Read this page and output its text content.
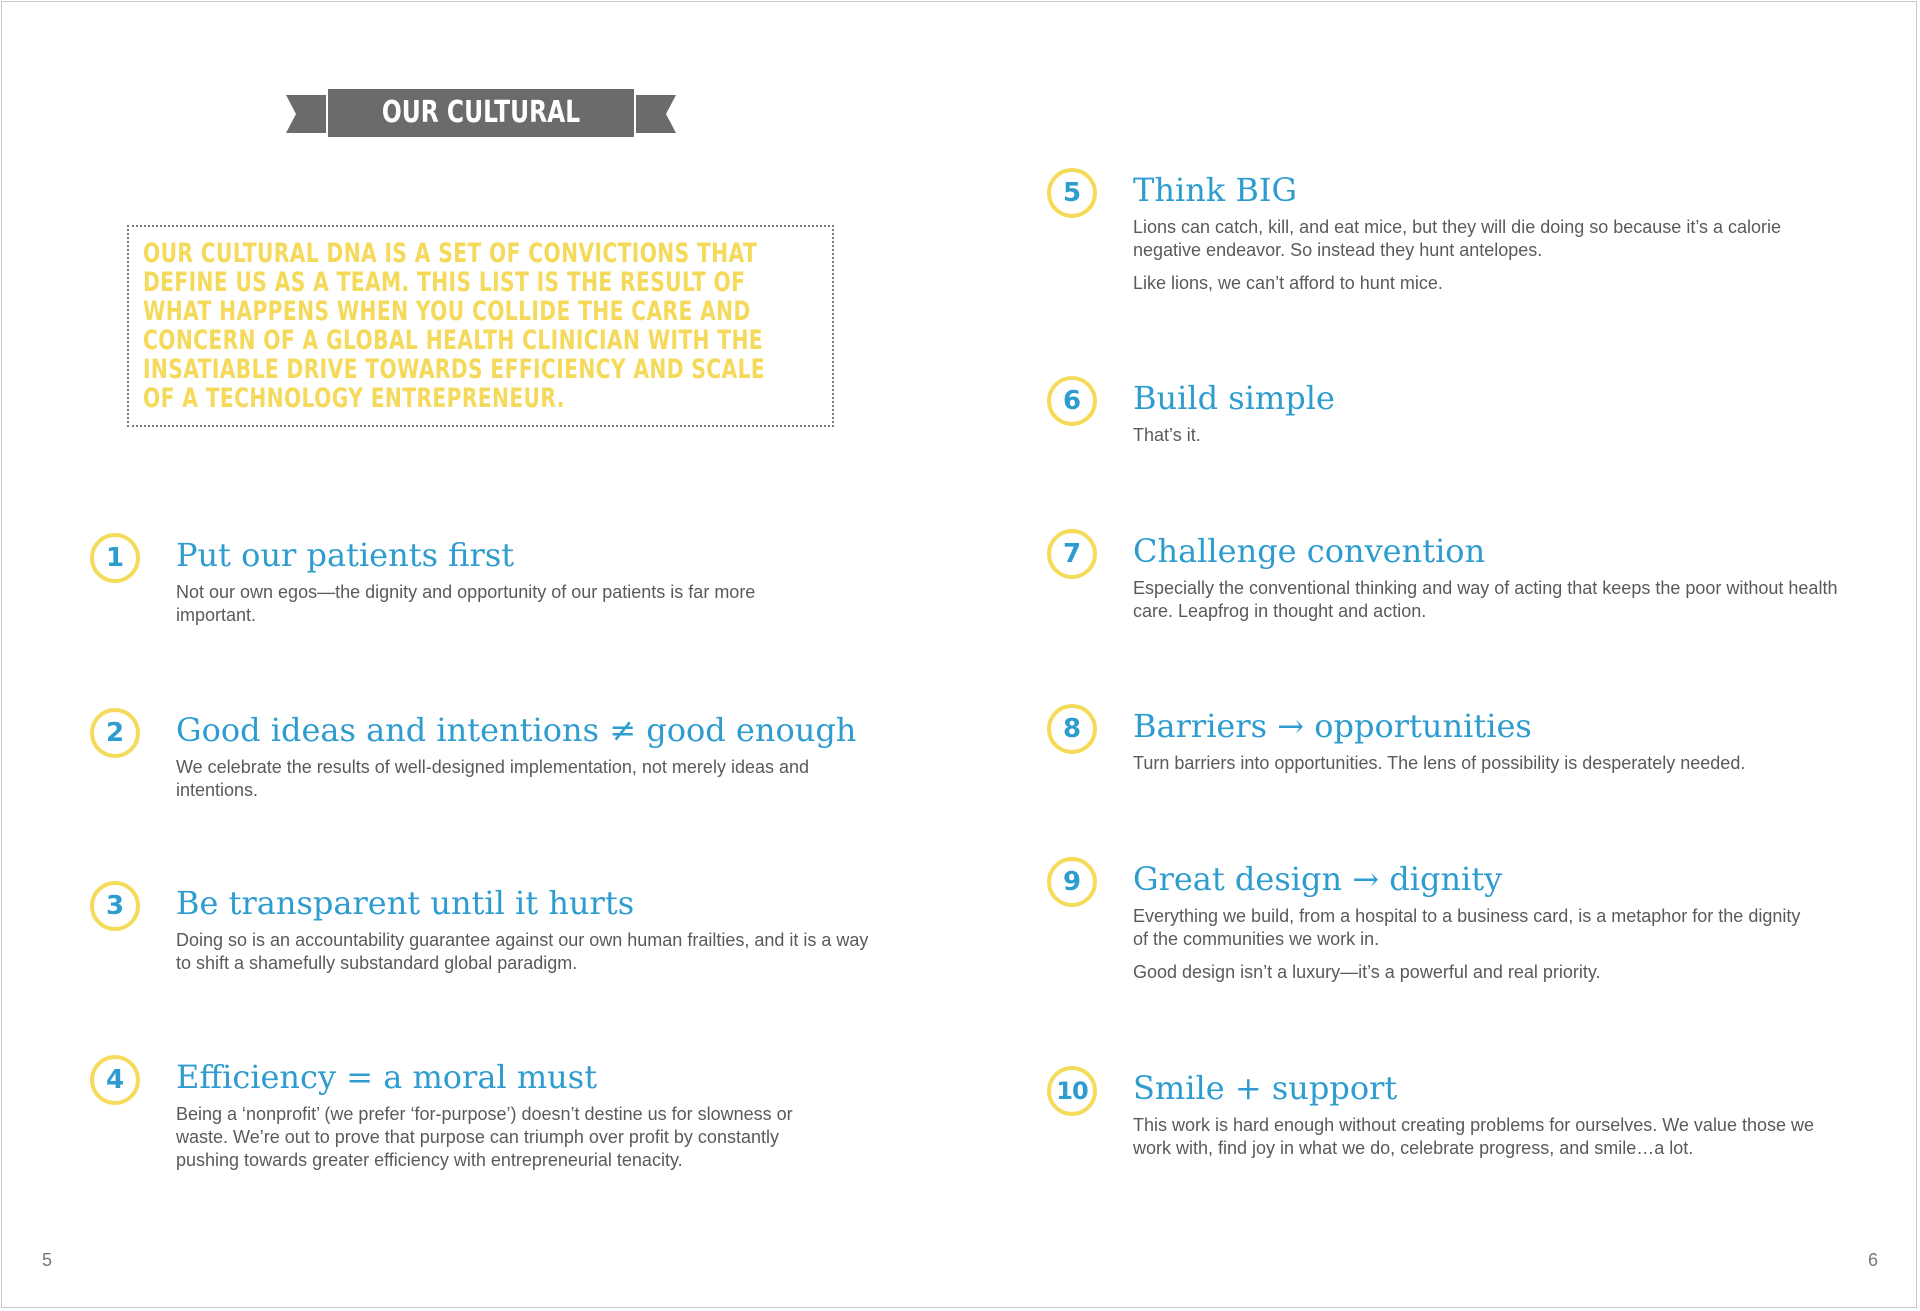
OUR CULTURAL DNA
OUR CULTURAL DNA IS A SET OF CONVICTIONS THAT
DEFINE US AS A TEAM. THIS LIST IS THE RESULT OF
WHAT HAPPENS WHEN YOU COLLIDE THE CARE AND
CONCERN OF A GLOBAL HEALTH CLINICIAN WITH THE
INSATIABLE DRIVE TOWARDS EFFICIENCY AND SCALE
OF A TECHNOLOGY ENTREPRENEUR.
1	Put our patients first

Not our own egos—the dignity and opportunity of our patients is far more important.

2	Good ideas and intentions ≠ good enough

We celebrate the results of well-designed implementation, not merely ideas and intentions.

3	Be transparent until it hurts

Doing so is an accountability guarantee against our own human frailties, and it is a way to shift a shamefully substandard global paradigm.

4	Efficiency = a moral must

Being a ‘nonprofit’ (we prefer ‘for-purpose’) doesn’t destine us for slowness or waste. We’re out to prove that purpose can triumph over profit by constantly pushing towards greater efficiency with entrepreneurial tenacity.

5	Think BIG

Lions can catch, kill, and eat mice, but they will die doing so because it’s a calorie negative endeavor. So instead they hunt antelopes.

Like lions, we can’t afford to hunt mice.

6	Build simple

That’s it.

7	Challenge convention

Especially the conventional thinking and way of acting that keeps the poor without health care. Leapfrog in thought and action.

8	Barriers → opportunities

Turn barriers into opportunities. The lens of possibility is desperately needed.

9	Great design → dignity

Everything we build, from a hospital to a business card, is a metaphor for the dignity of the communities we work in.

Good design isn’t a luxury—it’s a powerful and real priority.

10 Smile + support

This work is hard enough without creating problems for ourselves. We value those we work with, find joy in what we do, celebrate progress, and smile…a lot.

5	6
